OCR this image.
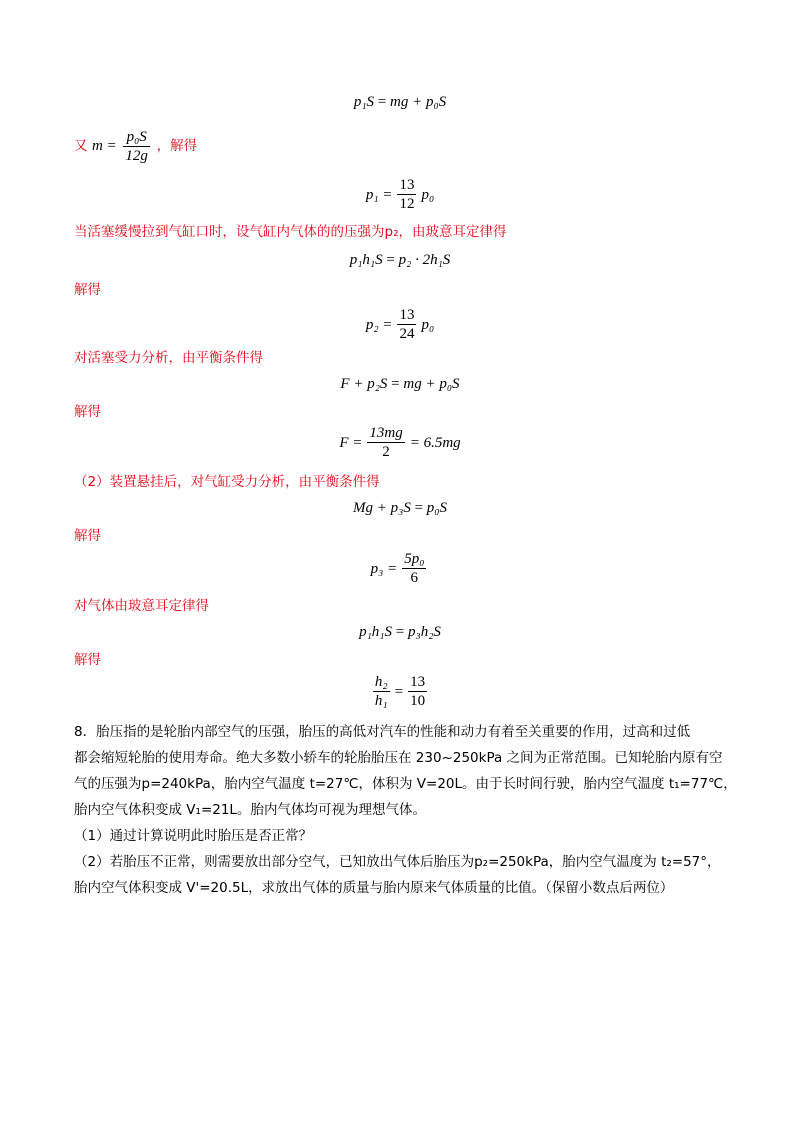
p₁S = mg + p₀S
又 $m = \frac{\text{p₀S}}{12g}$ ，解得
$p_1 = \frac{13}{12} p_0$
当活塞缓慢拉到气缸口时，设气缸内气体的的压强为p₂，由玻意耳定律得
p₁h₁S = p₂ · 2h₁S
解得
$p_2 = \frac{13}{24} p_0$
对活塞受力分析，由平衡条件得
F + p₂S = mg + p₀S
解得
$F = \frac{13mg}{2} = 6.5mg$
（2）装置悬挂后，对气缸受力分析，由平衡条件得
Mg + p₃S = p₀S
解得
$p_3 = \frac{\text{5p₀}}{6}$
对气体由玻意耳定律得
p₁h₁S = p₃h₂S
解得
$\frac{\text{h₂}}{\text{h₁}} = \frac{13}{10}$
8．胎压指的是轮胎内部空气的压强，胎压的高低对汽车的性能和动力有着至关重要的作用，过高和过低
都会缩短轮胎的使用寿命。绝大多数小轿车的轮胎胎压在 230~250kPa 之间为正常范围。已知轮胎内原有空
气的压强为p=240kPa，胎内空气温度 t=27℃，体积为 V=20L。由于长时间行驶，胎内空气温度 t₁=77℃，
胎内空气体积变成 V₁=21L。胎内气体均可视为理想气体。
（1）通过计算说明此时胎压是否正常？
（2）若胎压不正常，则需要放出部分空气，已知放出气体后胎压为p₂=250kPa，胎内空气温度为 t₂=57°，
胎内空气体积变成 V'=20.5L，求放出气体的质量与胎内原来气体质量的比值。（保留小数点后两位）
